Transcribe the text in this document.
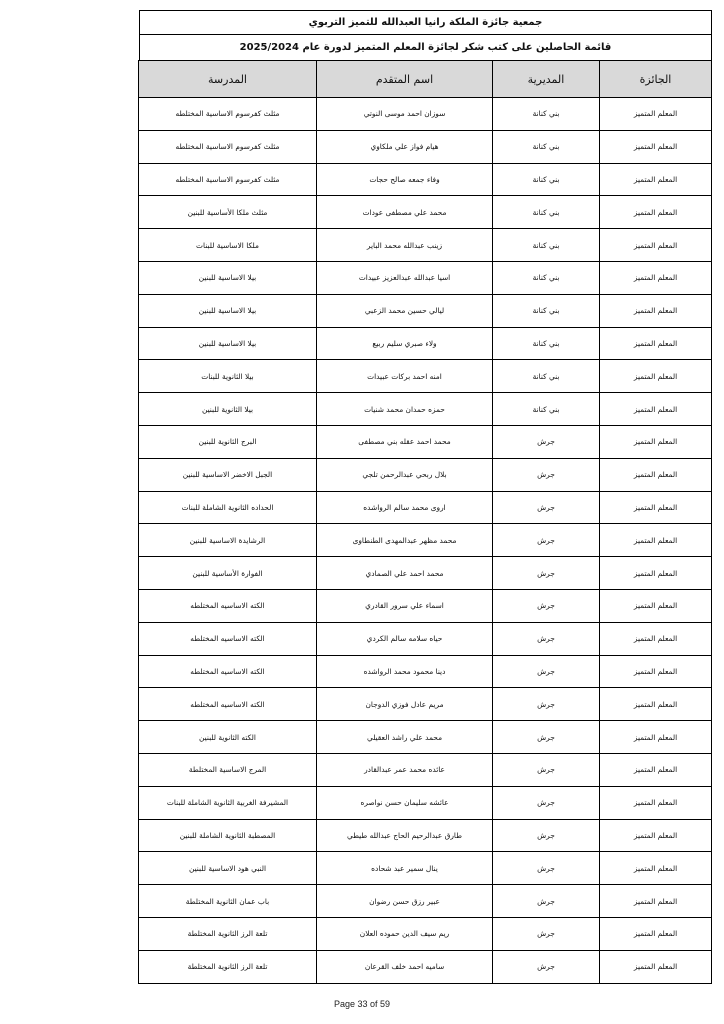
جمعية جائزة الملكة رانيا العبدالله للتميز التربوي
قائمة الحاصلين على كتب شكر لجائزة المعلم المتميز لدورة عام 2025/2024
الجائزة	المديرية	اسم المتقدم	المدرسة
المعلم المتميز	بني كنانة	سوزان احمد موسى النوتي	مثلث كفرسوم الاساسية المختلطه
المعلم المتميز	بني كنانة	هيام فواز علي ملكاوي	مثلث كفرسوم الاساسية المختلطه
المعلم المتميز	بني كنانة	وفاء جمعه صالح حجات	مثلث كفرسوم الاساسية المختلطه
المعلم المتميز	بني كنانة	محمد علي مصطفى عودات	مثلث ملكا الأساسية للبنين
المعلم المتميز	بني كنانة	زينب عبدالله محمد الباير	ملكا الاساسية للبنات
المعلم المتميز	بني كنانة	اسيا عبدالله عبدالعزيز عبيدات	بيلا الاساسية للبنين
المعلم المتميز	بني كنانة	ليالي حسين محمد الزعبي	بيلا الاساسية للبنين
المعلم المتميز	بني كنانة	ولاء صبري سليم ربيع	بيلا الاساسية للبنين
المعلم المتميز	بني كنانة	امنه احمد بركات عبيدات	بيلا الثانوية للبنات
المعلم المتميز	بني كنانة	حمزه حمدان محمد شنيات	بيلا الثانوية للبنين
المعلم المتميز	جرش	محمد احمد عقله بني مصطفى	البرج الثانوية للبنين
المعلم المتميز	جرش	بلال ربحي عبدالرحمن تلجي	الجبل الاخضر الاساسية للبنين
المعلم المتميز	جرش	اروى محمد سالم الرواشده	الحداده الثانوية الشاملة للبنات
المعلم المتميز	جرش	محمد مظهر عبدالمهدى الطنطاوى	الرشايدة الاساسية للبنين
المعلم المتميز	جرش	محمد احمد علي الصمادي	الفوارة الأساسية للبنين
المعلم المتميز	جرش	اسماء علي سرور القادري	الكته الاساسيه المختلطه
المعلم المتميز	جرش	حياه سلامه سالم الكردي	الكته الاساسيه المختلطه
المعلم المتميز	جرش	دينا محمود محمد الرواشده	الكته الاساسيه المختلطه
المعلم المتميز	جرش	مريم عادل فوزي الدوجان	الكته الاساسيه المختلطه
المعلم المتميز	جرش	محمد علي راشد العقيلي	الكته الثانوية للبنين
المعلم المتميز	جرش	عائده محمد عمر عبدالقادر	المرج الاساسية المختلطة
المعلم المتميز	جرش	عائشه سليمان حسن نواصره	المشيرفة الغربية الثانوية الشاملة للبنات
المعلم المتميز	جرش	طارق عبدالرحيم الحاج عبدالله طيطي	المصطبة الثانوية الشاملة للبنين
المعلم المتميز	جرش	ينال سمير عبد شحاده	النبي هود الاساسية للبنين
المعلم المتميز	جرش	عبير رزق حسن رضوان	باب عمان الثانوية المختلطة
المعلم المتميز	جرش	ريم سيف الدين حموده العلان	تلعة الرز الثانوية المختلطة
المعلم المتميز	جرش	ساميه احمد خلف القرعان	تلعة الرز الثانوية المختلطة
Page 33 of 59
